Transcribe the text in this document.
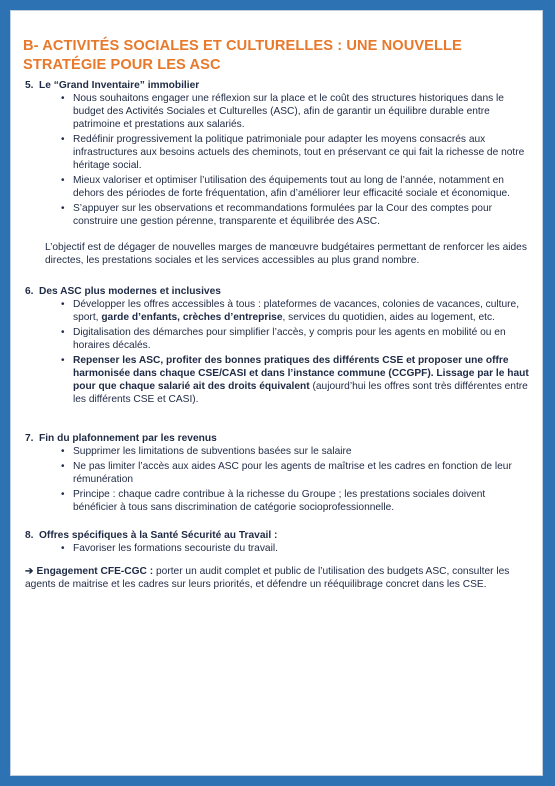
B- ACTIVITÉS SOCIALES ET CULTURELLES : UNE NOUVELLE STRATÉGIE POUR LES ASC

5. Le “Grand Inventaire” immobilier

• Nous souhaitons engager une réflexion sur la place et le coût des structures historiques dans le budget des Activités Sociales et Culturelles (ASC), afin de garantir un équilibre durable entre patrimoine et prestations aux salariés.
• Redéfinir progressivement la politique patrimoniale pour adapter les moyens consacrés aux infrastructures aux besoins actuels des cheminots, tout en préservant ce qui fait la richesse de notre héritage social.
• Mieux valoriser et optimiser l’utilisation des équipements tout au long de l’année, notamment en dehors des périodes de forte fréquentation, afin d’améliorer leur efficacité sociale et économique.
• S’appuyer sur les observations et recommandations formulées par la Cour des comptes pour construire une gestion pérenne, transparente et équilibrée des ASC.

L’objectif est de dégager de nouvelles marges de manœuvre budgétaires permettant de renforcer les aides directes, les prestations sociales et les services accessibles au plus grand nombre.

6. Des ASC plus modernes et inclusives

• Développer les offres accessibles à tous : plateformes de vacances, colonies de vacances, culture, sport, garde d’enfants, crèches d’entreprise, services du quotidien, aides au logement, etc.
• Digitalisation des démarches pour simplifier l’accès, y compris pour les agents en mobilité ou en horaires décalés.
• Repenser les ASC, profiter des bonnes pratiques des différents CSE et proposer une offre harmonisée dans chaque CSE/CASI et dans l’instance commune (CCGPF). Lissage par le haut pour que chaque salarié ait des droits équivalent (aujourd’hui les offres sont très différentes entre les différents CSE et CASI).

7. Fin du plafonnement par les revenus

• Supprimer les limitations de subventions basées sur le salaire
• Ne pas limiter l’accès aux aides ASC pour les agents de maîtrise et les cadres en fonction de leur rémunération
• Principe : chaque cadre contribue à la richesse du Groupe ; les prestations sociales doivent bénéficier à tous sans discrimination de catégorie socioprofessionnelle.

8. Offres spécifiques à la Santé Sécurité au Travail :

• Favoriser les formations secouriste du travail.

➔ Engagement CFE-CGC : porter un audit complet et public de l’utilisation des budgets ASC, consulter les agents de maitrise et les cadres sur leurs priorités, et défendre un rééquilibrage concret dans les CSE.
